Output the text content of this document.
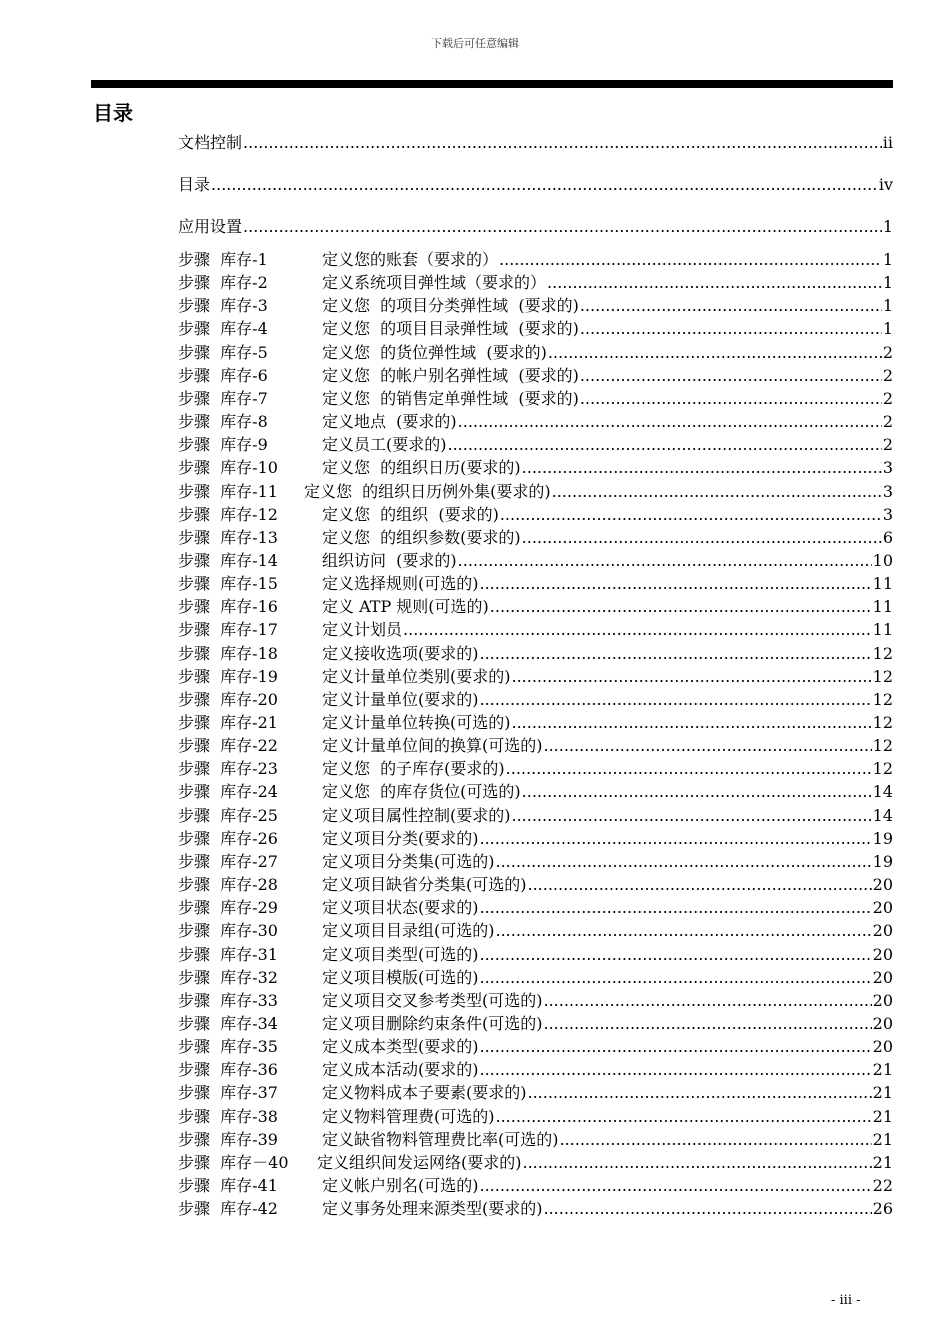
下载后可任意编辑
目录
文档控制 .....	ii
目录 .....	iv
应用设置 .....	1
步骤  库存-1	定义您的账套（要求的） .....	1
步骤  库存-2	定义系统项目弹性域（要求的） .....	1
步骤  库存-3	定义您  的项目分类弹性域  (要求的) .....	1
步骤  库存-4	定义您  的项目目录弹性域  (要求的) .....	1
步骤  库存-5	定义您  的货位弹性域  (要求的) .....	2
步骤  库存-6	定义您  的帐户别名弹性域  (要求的) .....	2
步骤  库存-7	定义您  的销售定单弹性域  (要求的) .....	2
步骤  库存-8	定义地点  (要求的) .....	2
步骤  库存-9	定义员工(要求的) .....	2
步骤  库存-10	定义您  的组织日历(要求的) .....	3
步骤  库存-11	定义您  的组织日历例外集(要求的) .....	3
步骤  库存-12	定义您  的组织  (要求的) .....	3
步骤  库存-13	定义您  的组织参数(要求的) .....	6
步骤  库存-14	组织访问  (要求的) .....	10
步骤  库存-15	定义选择规则(可选的) .....	11
步骤  库存-16	定义 ATP 规则(可选的) .....	11
步骤  库存-17	定义计划员 .....	11
步骤  库存-18	定义接收选项(要求的) .....	12
步骤  库存-19	定义计量单位类别(要求的) .....	12
步骤  库存-20	定义计量单位(要求的) .....	12
步骤  库存-21	定义计量单位转换(可选的) .....	12
步骤  库存-22	定义计量单位间的换算(可选的) .....	12
步骤  库存-23	定义您  的子库存(要求的) .....	12
步骤  库存-24	定义您  的库存货位(可选的) .....	14
步骤  库存-25	定义项目属性控制(要求的) .....	14
步骤  库存-26	定义项目分类(要求的) .....	19
步骤  库存-27	定义项目分类集(可选的) .....	19
步骤  库存-28	定义项目缺省分类集(可选的) .....	20
步骤  库存-29	定义项目状态(要求的) .....	20
步骤  库存-30	定义项目目录组(可选的) .....	20
步骤  库存-31	定义项目类型(可选的) .....	20
步骤  库存-32	定义项目模版(可选的) .....	20
步骤  库存-33	定义项目交叉参考类型(可选的) .....	20
步骤  库存-34	定义项目删除约束条件(可选的) .....	20
步骤  库存-35	定义成本类型(要求的) .....	20
步骤  库存-36	定义成本活动(要求的) .....	21
步骤  库存-37	定义物料成本子要素(要求的) .....	21
步骤  库存-38	定义物料管理费(可选的) .....	21
步骤  库存-39	定义缺省物料管理费比率(可选的) .....	21
步骤  库存－40	定义组织间发运网络(要求的) .....	21
步骤  库存-41	定义帐户别名(可选的) .....	22
步骤  库存-42	定义事务处理来源类型(要求的) .....	26
- iii -
